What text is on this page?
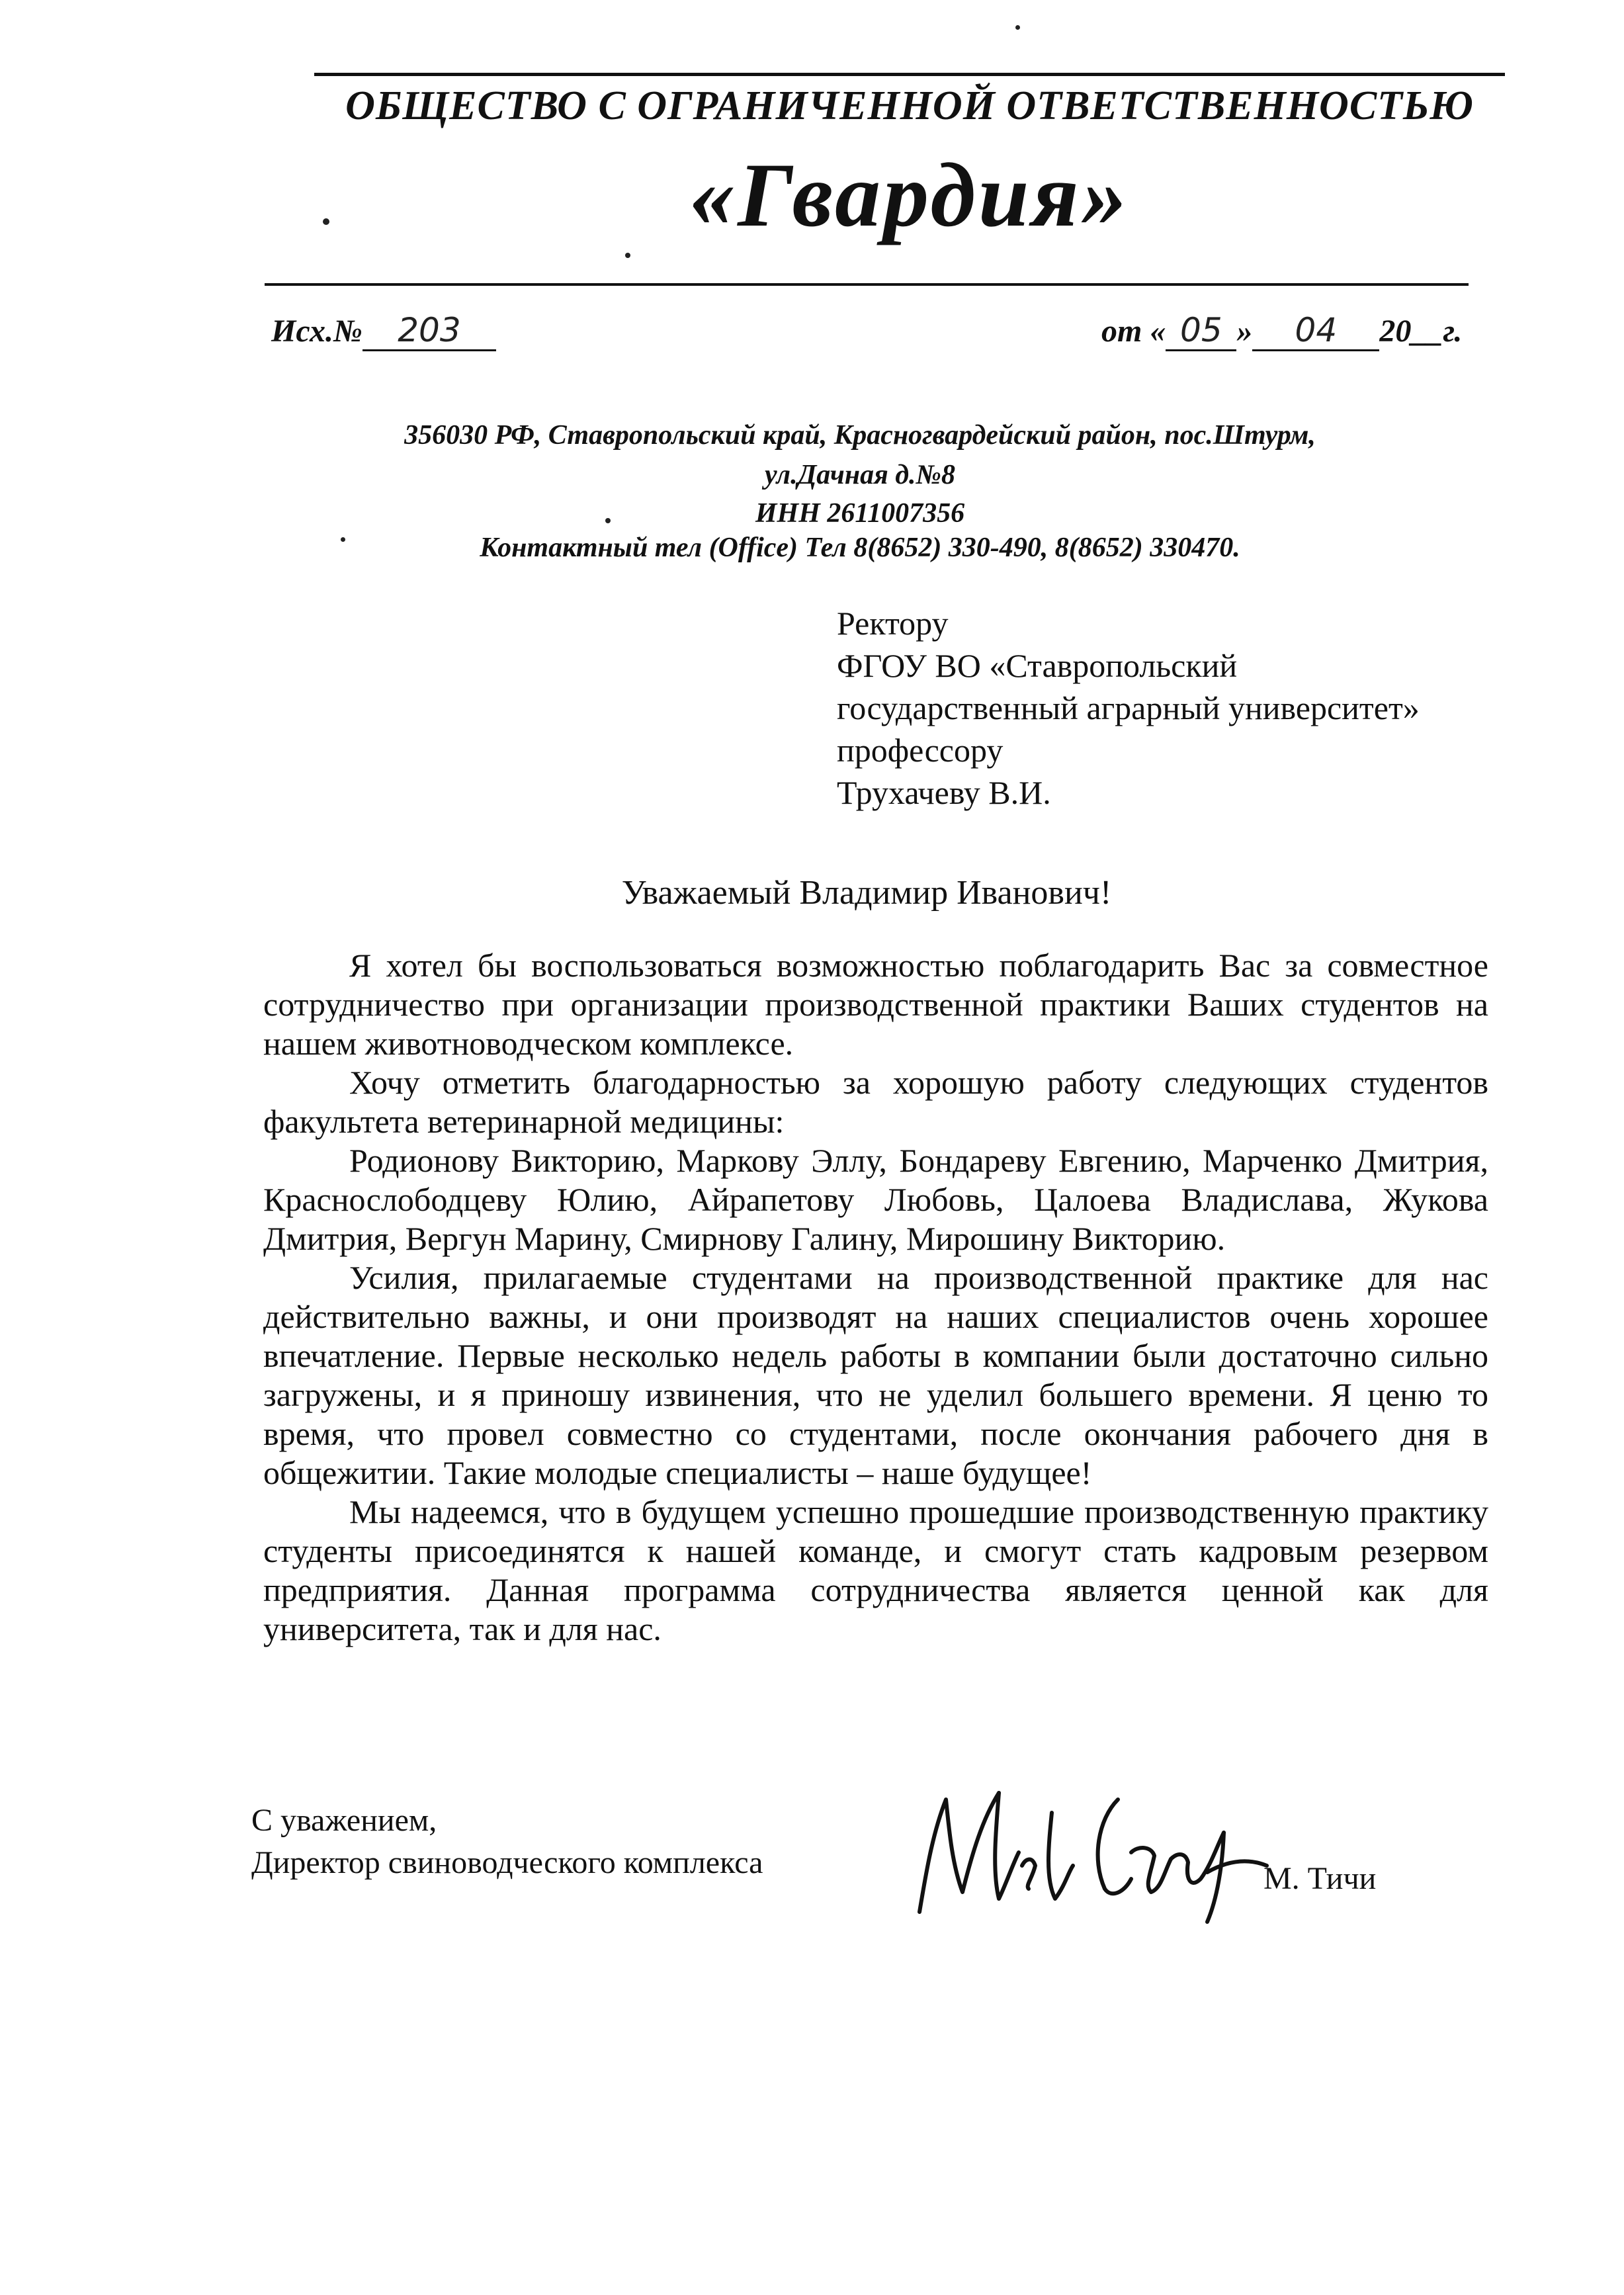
ОБЩЕСТВО С ОГРАНИЧЕННОЙ ОТВЕТСТВЕННОСТЬЮ
«Гвардия»
Исх.№ 203	от « 05 » 04 20__г.
356030 РФ, Ставропольский край, Красногвардейский район, пос.Штурм,
ул.Дачная д.№8
ИНН 2611007356
Контактный тел (Office) Тел 8(8652) 330-490, 8(8652) 330470.
Ректору
ФГОУ ВО «Ставропольский
государственный аграрный университет»
профессору
Трухачеву В.И.
Уважаемый Владимир Иванович!

Я хотел бы воспользоваться возможностью поблагодарить Вас за совместное сотрудничество при организации производственной практики Ваших студентов на нашем животноводческом комплексе.

Хочу отметить благодарностью за хорошую работу следующих студентов факультета ветеринарной медицины:

Родионову Викторию, Маркову Эллу, Бондареву Евгению, Марченко Дмитрия, Краснослободцеву Юлию, Айрапетову Любовь, Цалоева Владислава, Жукова Дмитрия, Вергун Марину, Смирнову Галину, Мирошину Викторию.

Усилия, прилагаемые студентами на производственной практике для нас действительно важны, и они производят на наших специалистов очень хорошее впечатление. Первые несколько недель работы в компании были достаточно сильно загружены, и я приношу извинения, что не уделил большего времени. Я ценю то время, что провел совместно со студентами, после окончания рабочего дня в общежитии. Такие молодые специалисты – наше будущее!

Мы надеемся, что в будущем успешно прошедшие производственную практику студенты присоединятся к нашей команде, и смогут стать кадровым резервом предприятия. Данная программа сотрудничества является ценной как для университета, так и для нас.

С уважением,
Директор свиноводческого комплекса	М. Тичи
